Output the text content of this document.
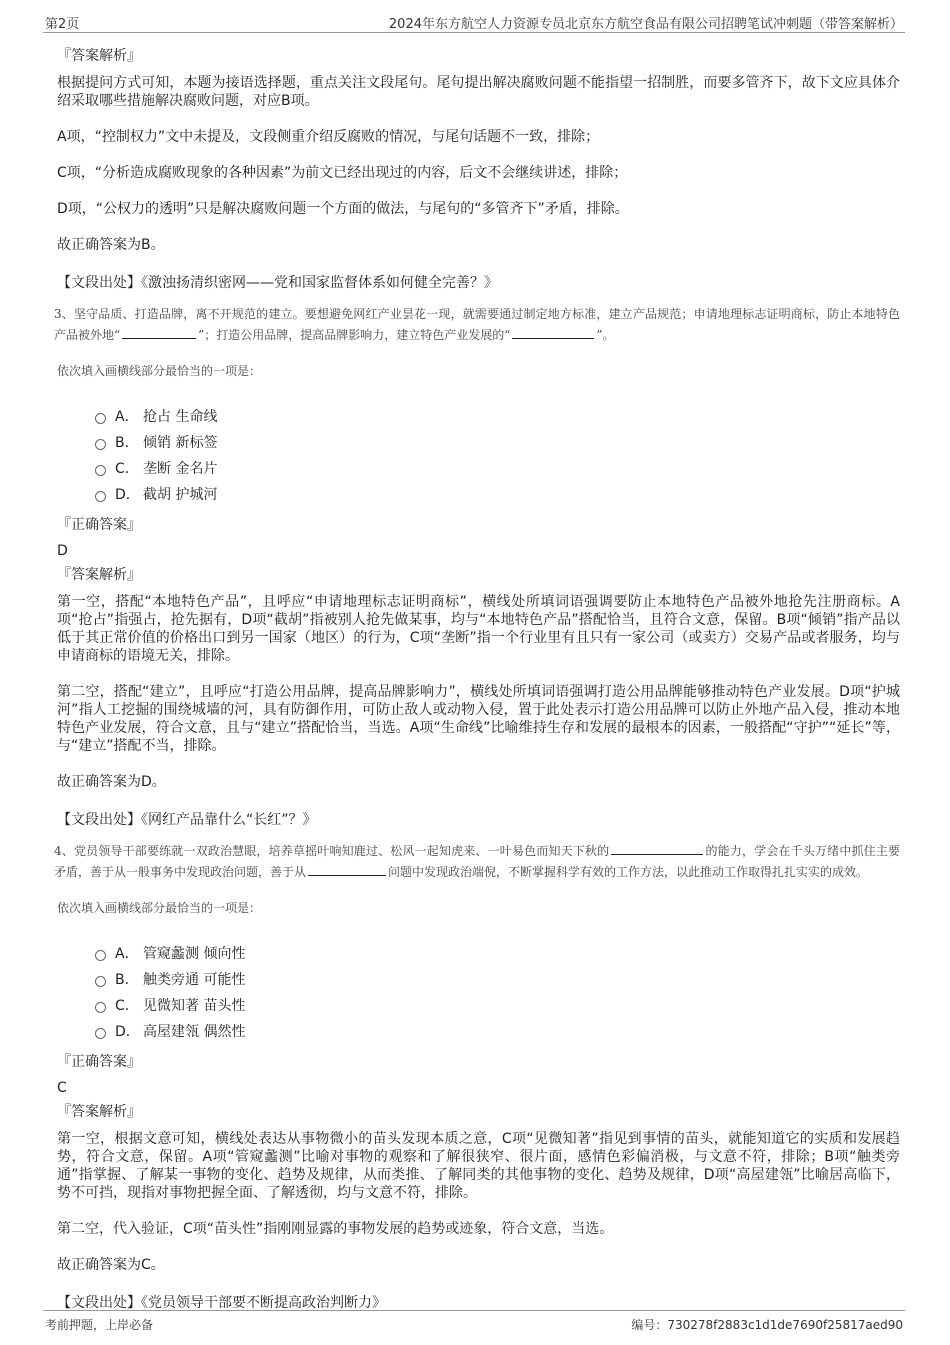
第2页	2024年东方航空人力资源专员北京东方航空食品有限公司招聘笔试冲刺题（带答案解析）
『答案解析』

根据提问方式可知，本题为接语选择题，重点关注文段尾句。尾句提出解决腐败问题不能指望一招制胜，而要多管齐下，故下文应具体介绍采取哪些措施解决腐败问题，对应B项。

A项，“控制权力”文中未提及，文段侧重介绍反腐败的情况，与尾句话题不一致，排除；

C项，“分析造成腐败现象的各种因素”为前文已经出现过的内容，后文不会继续讲述，排除；

D项，“公权力的透明”只是解决腐败问题一个方面的做法，与尾句的“多管齐下”矛盾，排除。

故正确答案为B。

【文段出处】《激浊扬清织密网——党和国家监督体系如何健全完善？》

3、坚守品质、打造品牌，离不开规范的建立。要想避免网红产业昙花一现，就需要通过制定地方标准，建立产品规范；申请地理标志证明商标，防止本地特色产品被外地“	”；打造公用品牌，提高品牌影响力，建立特色产业发展的“	”。

依次填入画横线部分最恰当的一项是：
A． 抢占 生命线
B． 倾销 新标签
C． 垄断 金名片
D． 截胡 护城河
『正确答案』
D
『答案解析』

第一空，搭配“本地特色产品”，且呼应“申请地理标志证明商标”，横线处所填词语强调要防止本地特色产品被外地抢先注册商标。A项“抢占”指强占，抢先据有，D项“截胡”指被别人抢先做某事，均与“本地特色产品”搭配恰当，且符合文意，保留。B项“倾销”指产品以低于其正常价值的价格出口到另一国家（地区）的行为，C项“垄断”指一个行业里有且只有一家公司（或卖方）交易产品或者服务，均与申请商标的语境无关，排除。

第二空，搭配“建立”，且呼应“打造公用品牌，提高品牌影响力”，横线处所填词语强调打造公用品牌能够推动特色产业发展。D项“护城河”指人工挖掘的围绕城墙的河，具有防御作用，可防止敌人或动物入侵，置于此处表示打造公用品牌可以防止外地产品入侵，推动本地特色产业发展，符合文意，且与“建立”搭配恰当，当选。A项“生命线”比喻维持生存和发展的最根本的因素，一般搭配“守护”“延长”等，与“建立”搭配不当，排除。

故正确答案为D。

【文段出处】《网红产品靠什么“长红”？》

4、党员领导干部要练就一双政治慧眼，培养草摇叶响知鹿过、松风一起知虎来、一叶易色而知天下秋的	的能力，学会在千头万绪中抓住主要矛盾，善于从一般事务中发现政治问题，善于从	问题中发现政治端倪，不断掌握科学有效的工作方法，以此推动工作取得扎扎实实的成效。

依次填入画横线部分最恰当的一项是：
A． 管窥蠡测 倾向性
B． 触类旁通 可能性
C． 见微知著 苗头性
D． 高屋建瓴 偶然性
『正确答案』
C
『答案解析』

第一空，根据文意可知，横线处表达从事物微小的苗头发现本质之意，C项“见微知著”指见到事情的苗头，就能知道它的实质和发展趋势，符合文意，保留。A项“管窥蠡测”比喻对事物的观察和了解很狭窄、很片面，感情色彩偏消极，与文意不符，排除；B项“触类旁通”指掌握、了解某一事物的变化、趋势及规律，从而类推、了解同类的其他事物的变化、趋势及规律，D项“高屋建瓴”比喻居高临下，势不可挡，现指对事物把握全面、了解透彻，均与文意不符，排除。

第二空，代入验证，C项“苗头性”指刚刚显露的事物发展的趋势或迹象，符合文意，当选。

故正确答案为C。

【文段出处】《党员领导干部要不断提高政治判断力》
考前押题，上岸必备	编号：730278f2883c1d1de7690f25817aed90
